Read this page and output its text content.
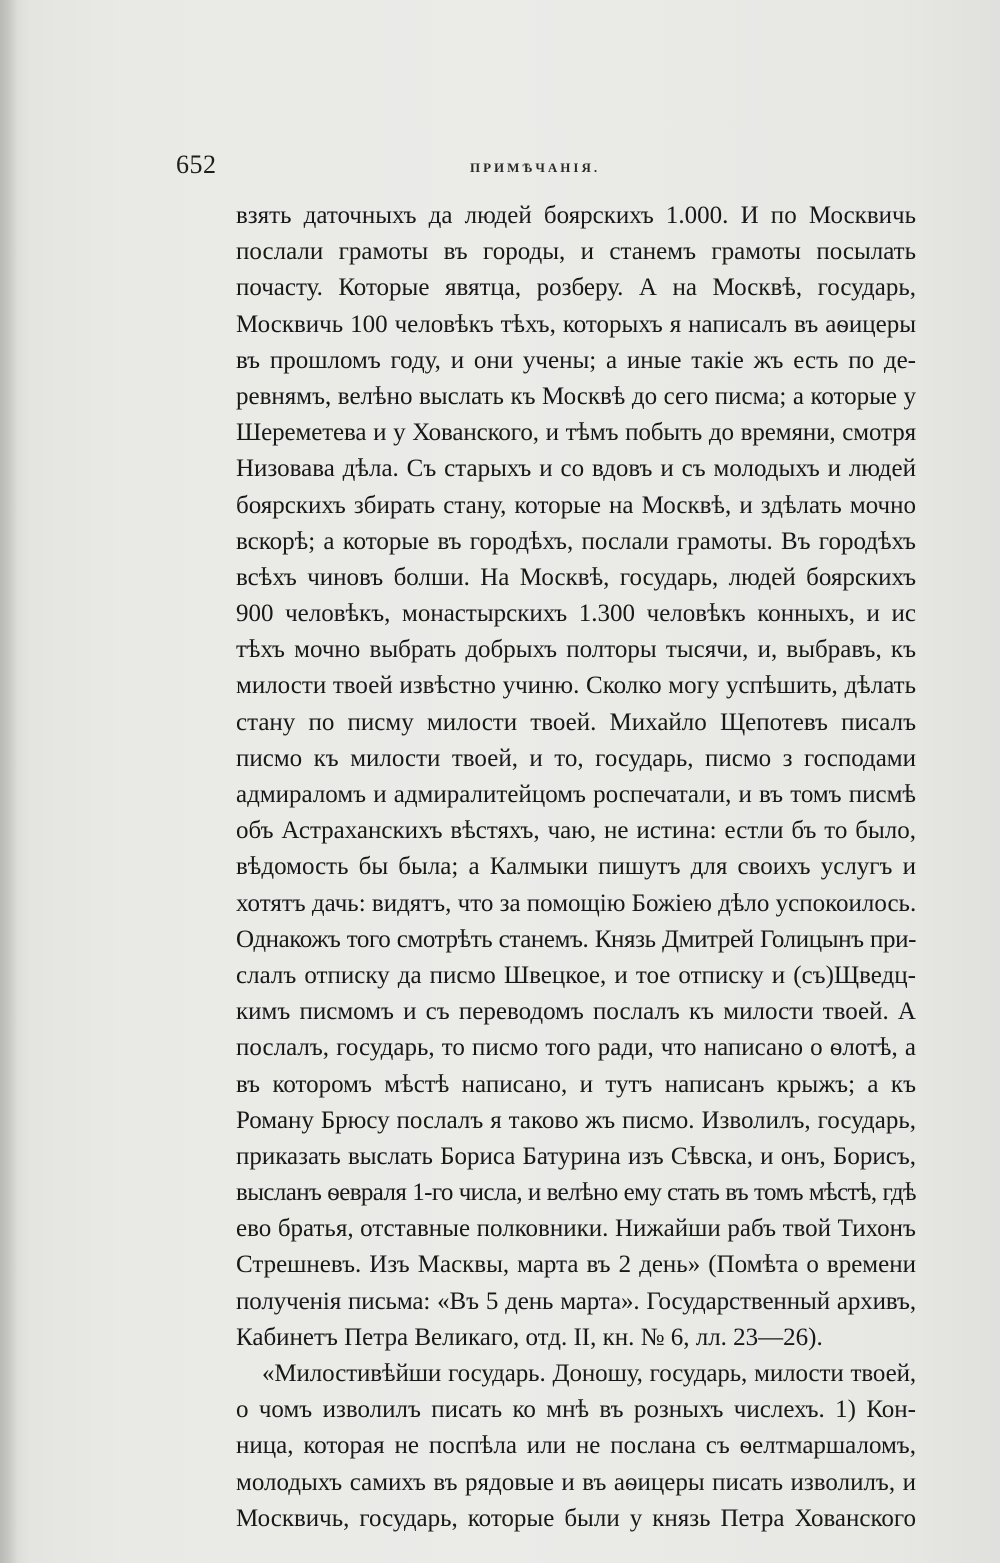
652	ПРИМѢЧАНІЯ.
взять даточныхъ да людей боярскихъ 1.000. И по Москвичь
послали грамоты въ городы, и станемъ грамоты посылать
почасту. Которые явятца, розберу. А на Москвѣ, государь,
Москвичь 100 человѣкъ тѣхъ, которыхъ я написалъ въ аѳицеры
въ прошломъ году, и они учены; а иные такіе жъ есть по де-
ревнямъ, велѣно выслать къ Москвѣ до сего писма; а которые у
Шереметева и у Хованского, и тѣмъ побыть до времяни, смотря
Низовава дѣла. Съ старыхъ и со вдовъ и съ молодыхъ и людей
боярскихъ збирать стану, которые на Москвѣ, и здѣлать мочно
вскорѣ; а которые въ городѣхъ, послали грамоты. Въ городѣхъ
всѣхъ чиновъ болши. На Москвѣ, государь, людей боярскихъ
900 человѣкъ, монастырскихъ 1.300 человѣкъ конныхъ, и ис
тѣхъ мочно выбрать добрыхъ полторы тысячи, и, выбравъ, къ
милости твоей извѣстно учиню. Сколко могу успѣшить, дѣлать
стану по писму милости твоей. Михайло Щепотевъ писалъ
писмо къ милости твоей, и то, государь, писмо з господами
адмираломъ и адмиралитейцомъ роспечатали, и въ томъ писмѣ
объ Астраханскихъ вѣстяхъ, чаю, не истина: естли бъ то было,
вѣдомость бы была; а Калмыки пишутъ для своихъ услугъ и
хотятъ дачь: видятъ, что за помощію Божіею дѣло успокоилось.
Однакожъ того смотрѣть станемъ. Князь Дмитрей Голицынъ при-
слалъ отписку да писмо Швецкое, и тое отписку и (съ)Щведц-
кимъ писмомъ и съ переводомъ послалъ къ милости твоей. А
послалъ, государь, то писмо того ради, что написано о ѳлотѣ, а
въ которомъ мѣстѣ написано, и тутъ написанъ крыжъ; а къ
Роману Брюсу послалъ я таково жъ писмо. Изволилъ, государь,
приказать выслать Бориса Батурина изъ Сѣвска, и онъ, Борисъ,
высланъ ѳевраля 1-го числа, и велѣно ему стать въ томъ мѣстѣ, гдѣ
ево братья, отставные полковники. Нижайши рабъ твой Тихонъ
Стрешневъ. Изъ Масквы, марта въ 2 день» (Помѣта о времени
полученія письма: «Въ 5 день марта». Государственный архивъ,
Кабинетъ Петра Великаго, отд. II, кн. № 6, лл. 23—26).
«Милостивѣйши государь. Доношу, государь, милости твоей,
о чомъ изволилъ писать ко мнѣ въ розныхъ числехъ. 1) Кон-
ница, которая не поспѣла или не послана съ ѳелтмаршаломъ,
молодыхъ самихъ въ рядовые и въ аѳицеры писать изволилъ, и
Москвичь, государь, которые были у князь Петра Хованского
